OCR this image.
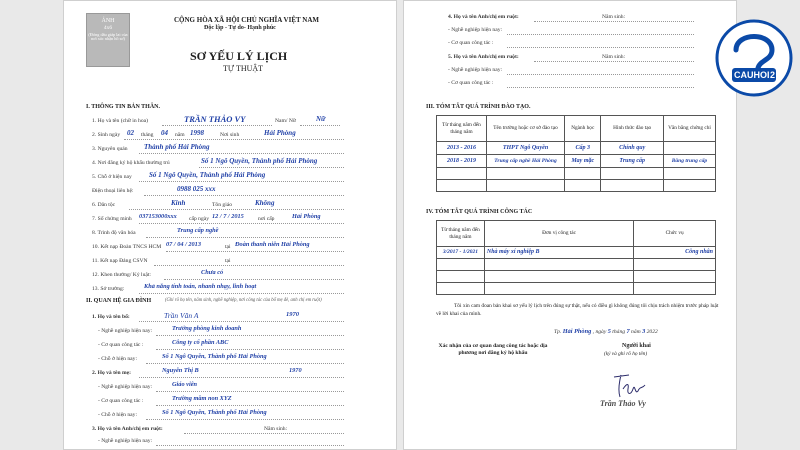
ẢNH
4x6
(Đóng dấu giáp lai của nơi xác nhận hồ sơ)
CỘNG HÒA XÃ HỘI CHỦ NGHĨA VIỆT NAM
Độc lập - Tự do- Hạnh phúc
SƠ YẾU LÝ LỊCH
TỰ THUẬT
I. THÔNG TIN BẢN THÂN.
1. Họ và tên (chữ in hoa)	TRẦN THẢO VY	Nam/ Nữ	Nữ
2. Sinh ngày 02 tháng 04 năm 1998	Nơi sinh	Hải Phòng
3. Nguyên quán Thành phố Hải Phòng
4. Nơi đăng ký hộ khẩu thường trú	Số 1 Ngô Quyền, Thành phố Hải Phòng
5. Chỗ ở hiện nay Số 1 Ngô Quyền, Thành phố Hải Phòng
Điện thoại liên hệ:	0988 025 xxx
6. Dân tộc	Kinh	Tôn giáo	Không
7. Số chứng minh 037153000xxx cấp ngày 12 / 7 / 2015	nơi cấp	Hải Phòng
8. Trình độ văn hóa	Trung cấp nghề
10. Kết nạp Đoàn TNCS HCM 07 / 04 / 2013	tại Đoàn thanh niên Hải Phòng
11. Kết nạp Đảng CSVN	tại
12. Khen thưởng/ Kỷ luật:	Chưa có
13. Sở trường:	Khả năng tính toán, nhanh nhạy, linh hoạt
II. QUAN HỆ GIA ĐÌNH	(Ghi rõ họ tên, năm sinh, nghề nghiệp, nơi công tác của bố mẹ đẻ, anh chị em ruột)
1. Họ và tên bố:	Trần Văn A	1970
- Nghề nghiệp hiện nay:	Trưởng phòng kinh doanh
- Cơ quan công tác :	Công ty cổ phần ABC
- Chỗ ở hiện nay:	Số 1 Ngô Quyền, Thành phố Hải Phòng
2. Họ và tên mẹ:	Nguyễn Thị B	1970
- Nghề nghiệp hiện nay:	Giáo viên
- Cơ quan công tác :	Trường mầm non XYZ
- Chỗ ở hiện nay:	Số 1 Ngô Quyền, Thành phố Hải Phòng
3. Họ và tên Anh/chị em ruột:	Năm sinh:
- Nghề nghiệp hiện nay:
4. Họ và tên Anh/chị em ruột:	Năm sinh:
- Nghề nghiệp hiện nay:
- Cơ quan công tác :
5. Họ và tên Anh/chị em ruột:	Năm sinh:
- Nghề nghiệp hiện nay:
- Cơ quan công tác :
III. TÓM TẮT QUÁ TRÌNH ĐÀO TẠO.
Từ tháng năm đến tháng năm	Tên trường hoặc cơ sở đào tạo	Ngành học	Hình thức đào tạo	Văn bằng chứng chỉ
2013 - 2016	THPT Ngô Quyền	Cấp 3	Chính quy	
2018 - 2019	Trung cấp nghề Hải Phòng	May mặc	Trung cấp	Bằng trung cấp

IV. TÓM TẮT QUÁ TRÌNH CÔNG TÁC
Từ tháng năm đến tháng năm	Đơn vị công tác	Chức vụ
3/2017 - 1/2021	Nhà máy xí nghiệp B	Công nhân

Tôi xin cam đoan bản khai sơ yếu lý lịch trên đúng sự thật, nếu có điều gì không đúng tôi chịu trách nhiệm trước pháp luật về lời khai của mình.
Tp. Hải Phòng , ngày 5 tháng 7 năm 3 2022
Xác nhận của cơ quan đang công tác hoặc địa phương nơi đăng ký hộ khẩu
Người khai
(ký và ghi rõ họ tên)
Trần Thảo Vy
CAUHOI 2
